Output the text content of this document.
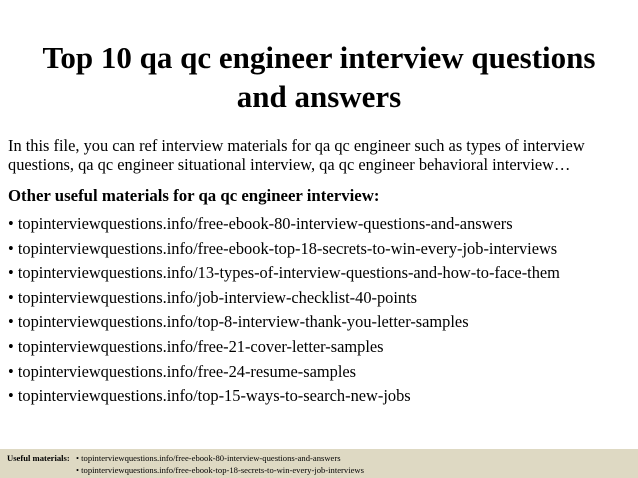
Top 10 qa qc engineer interview questions
and answers
In this file, you can ref interview materials for qa qc engineer such as types of interview
questions, qa qc engineer situational interview, qa qc engineer behavioral interview…
Other useful materials for qa qc engineer interview:
• topinterviewquestions.info/free-ebook-80-interview-questions-and-answers
• topinterviewquestions.info/free-ebook-top-18-secrets-to-win-every-job-interviews
• topinterviewquestions.info/13-types-of-interview-questions-and-how-to-face-them
• topinterviewquestions.info/job-interview-checklist-40-points
• topinterviewquestions.info/top-8-interview-thank-you-letter-samples
• topinterviewquestions.info/free-21-cover-letter-samples
• topinterviewquestions.info/free-24-resume-samples
• topinterviewquestions.info/top-15-ways-to-search-new-jobs
Useful materials: • topinterviewquestions.info/free-ebook-80-interview-questions-and-answers
• topinterviewquestions.info/free-ebook-top-18-secrets-to-win-every-job-interviews
